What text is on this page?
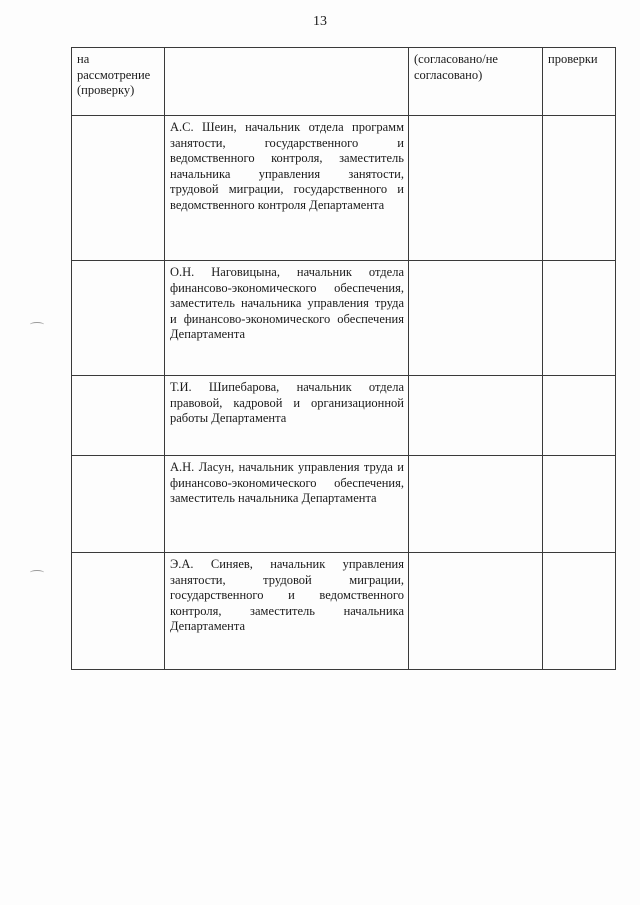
13
на рассмотрение (проверку)		(согласовано/не согласовано)	проверки
	А.С. Шеин, начальник отдела программ занятости, государственного и ведомственного контроля, заместитель начальника управления занятости, трудовой миграции, государственного и ведомственного контроля Департамента		
	О.Н. Наговицына, начальник отдела финансово-экономического обеспечения, заместитель начальника управления труда и финансово-экономического обеспечения Департамента		
	Т.И. Шипебарова, начальник отдела правовой, кадровой и организационной работы Департамента		
	А.Н. Ласун, начальник управления труда и финансово-экономического обеспечения, заместитель начальника Департамента		
	Э.А. Синяев, начальник управления занятости, трудовой миграции, государственного и ведомственного контроля, заместитель начальника Департамента		
